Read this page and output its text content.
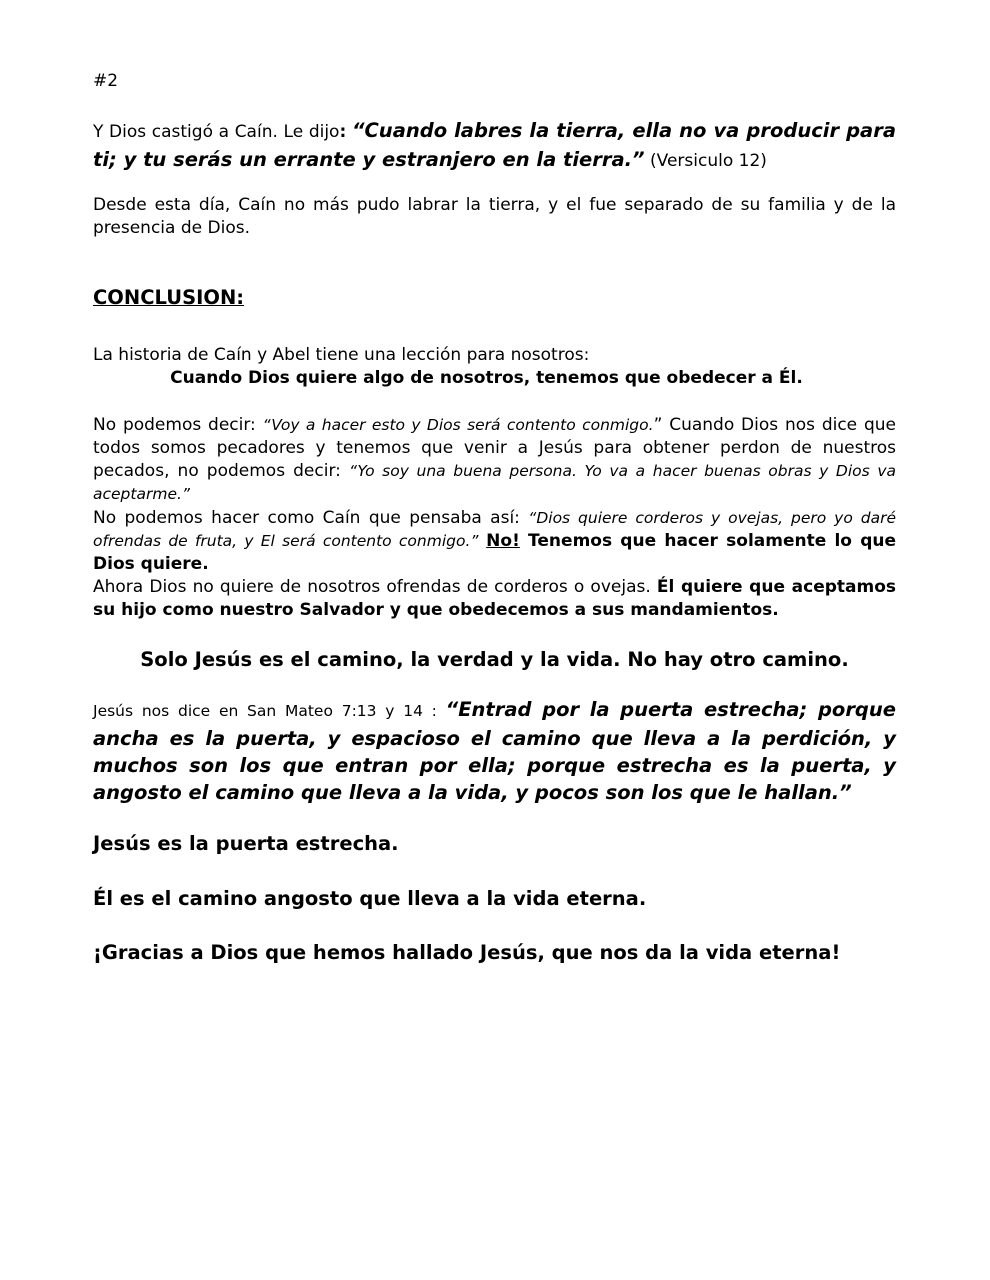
#2

Y Dios castigó a Caín. Le dijo: “Cuando labres la tierra, ella no va producir para ti; y tu serás un errante y estranjero en la tierra.” (Versiculo 12)

Desde esta día, Caín no más pudo labrar la tierra, y el fue separado de su familia y de la presencia de Dios.

CONCLUSION:

La historia de Caín y Abel tiene una lección para nosotros:

Cuando Dios quiere algo de nosotros, tenemos que obedecer a Él.

No podemos decir: “Voy a hacer esto y Dios será contento conmigo.” Cuando Dios nos dice que todos somos pecadores y tenemos que venir a Jesús para obtener perdon de nuestros pecados, no podemos decir: “Yo soy una buena persona. Yo va a hacer buenas obras y Dios va aceptarme.”

No podemos hacer como Caín que pensaba así: “Dios quiere corderos y ovejas, pero yo daré ofrendas de fruta, y El será contento conmigo.” No! Tenemos que hacer solamente lo que Dios quiere.

Ahora Dios no quiere de nosotros ofrendas de corderos o ovejas. Él quiere que aceptamos su hijo como nuestro Salvador y que obedecemos a sus mandamientos.

Solo Jesús es el camino, la verdad y la vida. No hay otro camino.

Jesús nos dice en San Mateo 7:13 y 14 : “Entrad por la puerta estrecha; porque ancha es la puerta, y espacioso el camino que lleva a la perdición, y muchos son los que entran por ella; porque estrecha es la puerta, y angosto el camino que lleva a la vida, y pocos son los que le hallan.”

Jesús es la puerta estrecha.

Él es el camino angosto que lleva a la vida eterna.

¡Gracias a Dios que hemos hallado Jesús, que nos da la vida eterna!
